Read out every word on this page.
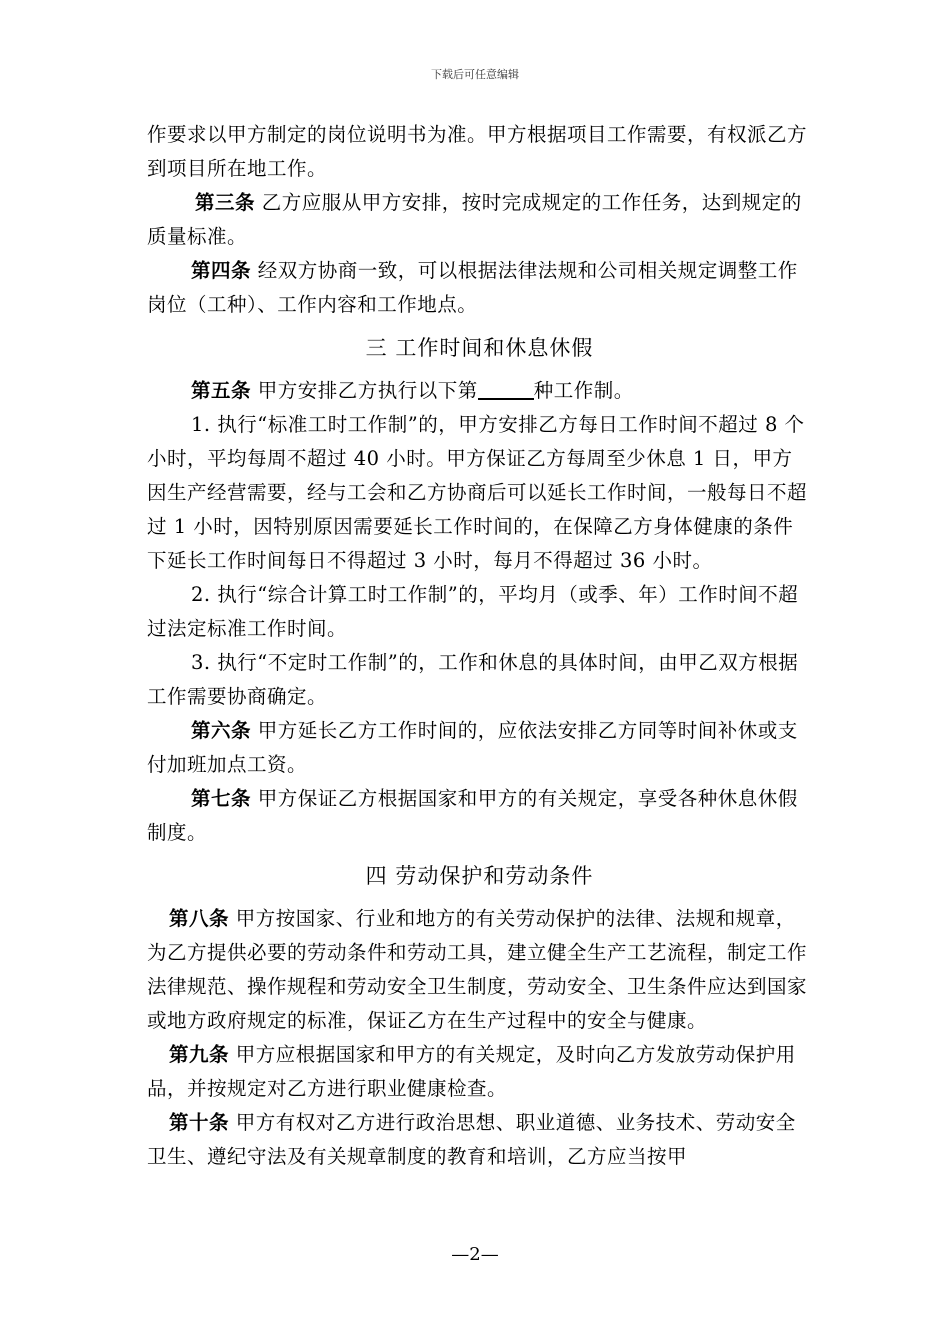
下载后可任意编辑

作要求以甲方制定的岗位说明书为准。甲方根据项目工作需要，有权派乙方到项目所在地工作。

第三条 乙方应服从甲方安排，按时完成规定的工作任务，达到规定的质量标准。

第四条 经双方协商一致，可以根据法律法规和公司相关规定调整工作岗位（工种）、工作内容和工作地点。

三 工作时间和休息休假

第五条 甲方安排乙方执行以下第	种工作制。

1. 执行“标准工时工作制”的，甲方安排乙方每日工作时间不超过 8 个小时，平均每周不超过 40 小时。甲方保证乙方每周至少休息 1 日，甲方因生产经营需要，经与工会和乙方协商后可以延长工作时间，一般每日不超过 1 小时，因特别原因需要延长工作时间的，在保障乙方身体健康的条件下延长工作时间每日不得超过 3 小时，每月不得超过 36 小时。

2. 执行“综合计算工时工作制”的，平均月（或季、年）工作时间不超过法定标准工作时间。

3. 执行“不定时工作制”的，工作和休息的具体时间，由甲乙双方根据工作需要协商确定。

第六条 甲方延长乙方工作时间的，应依法安排乙方同等时间补休或支付加班加点工资。

第七条 甲方保证乙方根据国家和甲方的有关规定，享受各种休息休假制度。

四 劳动保护和劳动条件

第八条 甲方按国家、行业和地方的有关劳动保护的法律、法规和规章，为乙方提供必要的劳动条件和劳动工具，建立健全生产工艺流程，制定工作法律规范、操作规程和劳动安全卫生制度，劳动安全、卫生条件应达到国家或地方政府规定的标准，保证乙方在生产过程中的安全与健康。

第九条 甲方应根据国家和甲方的有关规定，及时向乙方发放劳动保护用品，并按规定对乙方进行职业健康检查。

第十条 甲方有权对乙方进行政治思想、职业道德、业务技术、劳动安全卫生、遵纪守法及有关规章制度的教育和培训，乙方应当按甲

—2—
